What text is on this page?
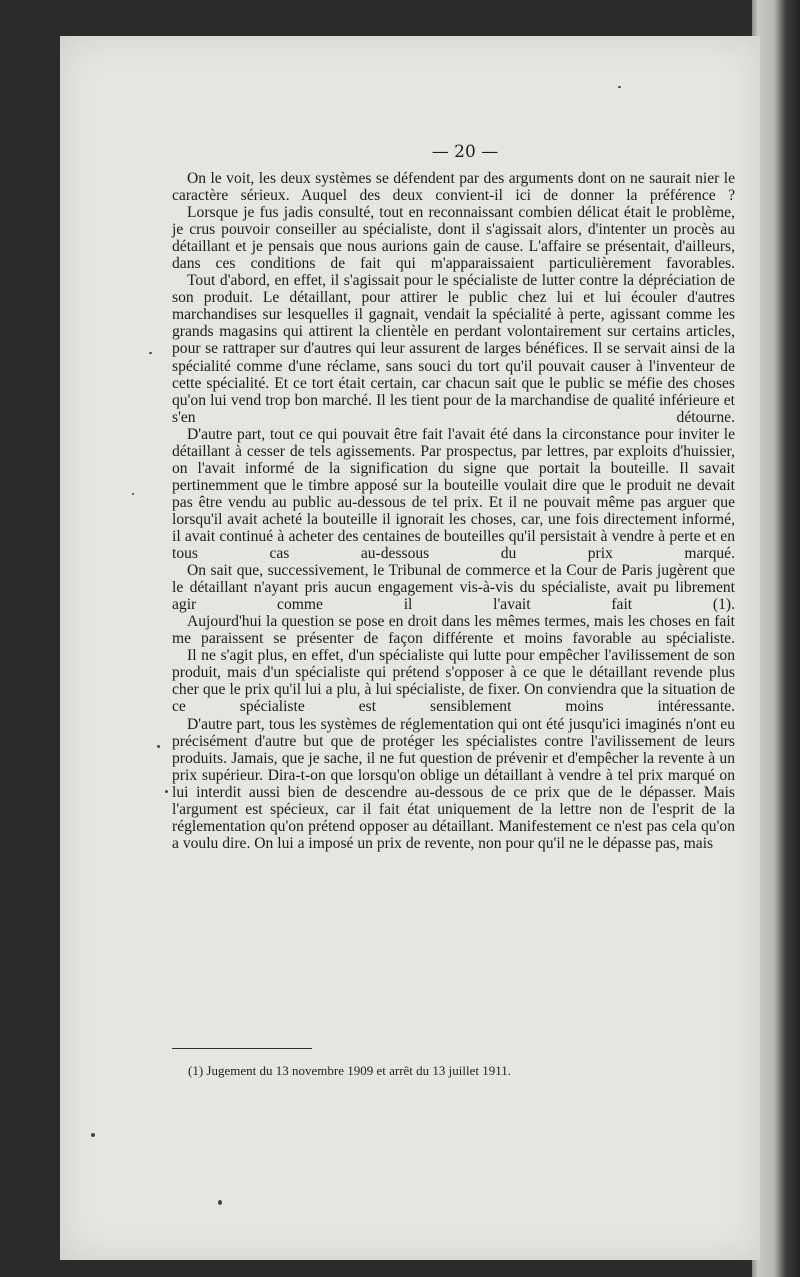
— 20 —

On le voit, les deux systèmes se défendent par des arguments dont on ne saurait nier le caractère sérieux. Auquel des deux convient-il ici de donner la préférence ?

Lorsque je fus jadis consulté, tout en reconnaissant combien délicat était le problème, je crus pouvoir conseiller au spécialiste, dont il s'agissait alors, d'intenter un procès au détaillant et je pensais que nous aurions gain de cause. L'affaire se présentait, d'ailleurs, dans ces conditions de fait qui m'apparaissaient particulièrement favorables.

Tout d'abord, en effet, il s'agissait pour le spécialiste de lutter contre la dépréciation de son produit. Le détaillant, pour attirer le public chez lui et lui écouler d'autres marchandises sur lesquelles il gagnait, vendait la spécialité à perte, agissant comme les grands magasins qui attirent la clientèle en perdant volontairement sur certains articles, pour se rattraper sur d'autres qui leur assurent de larges bénéfices. Il se servait ainsi de la spécialité comme d'une réclame, sans souci du tort qu'il pouvait causer à l'inventeur de cette spécialité. Et ce tort était certain, car chacun sait que le public se méfie des choses qu'on lui vend trop bon marché. Il les tient pour de la marchandise de qualité inférieure et s'en détourne.

D'autre part, tout ce qui pouvait être fait l'avait été dans la circonstance pour inviter le détaillant à cesser de tels agissements. Par prospectus, par lettres, par exploits d'huissier, on l'avait informé de la signification du signe que portait la bouteille. Il savait pertinemment que le timbre apposé sur la bouteille voulait dire que le produit ne devait pas être vendu au public au-dessous de tel prix. Et il ne pouvait même pas arguer que lorsqu'il avait acheté la bouteille il ignorait les choses, car, une fois directement informé, il avait continué à acheter des centaines de bouteilles qu'il persistait à vendre à perte et en tous cas au-dessous du prix marqué.

On sait que, successivement, le Tribunal de commerce et la Cour de Paris jugèrent que le détaillant n'ayant pris aucun engagement vis-à-vis du spécialiste, avait pu librement agir comme il l'avait fait (1).

Aujourd'hui la question se pose en droit dans les mêmes termes, mais les choses en fait me paraissent se présenter de façon différente et moins favorable au spécialiste.

Il ne s'agit plus, en effet, d'un spécialiste qui lutte pour empêcher l'avilissement de son produit, mais d'un spécialiste qui prétend s'opposer à ce que le détaillant revende plus cher que le prix qu'il lui a plu, à lui spécialiste, de fixer. On conviendra que la situation de ce spécialiste est sensiblement moins intéressante.

D'autre part, tous les systèmes de réglementation qui ont été jusqu'ici imaginés n'ont eu précisément d'autre but que de protéger les spécialistes contre l'avilissement de leurs produits. Jamais, que je sache, il ne fut question de prévenir et d'empêcher la revente à un prix supérieur. Dira-t-on que lorsqu'on oblige un détaillant à vendre à tel prix marqué on lui interdit aussi bien de descendre au-dessous de ce prix que de le dépasser. Mais l'argument est spécieux, car il fait état uniquement de la lettre non de l'esprit de la réglementation qu'on prétend opposer au détaillant. Manifestement ce n'est pas cela qu'on a voulu dire. On lui a imposé un prix de revente, non pour qu'il ne le dépasse pas, mais

(1) Jugement du 13 novembre 1909 et arrêt du 13 juillet 1911.
